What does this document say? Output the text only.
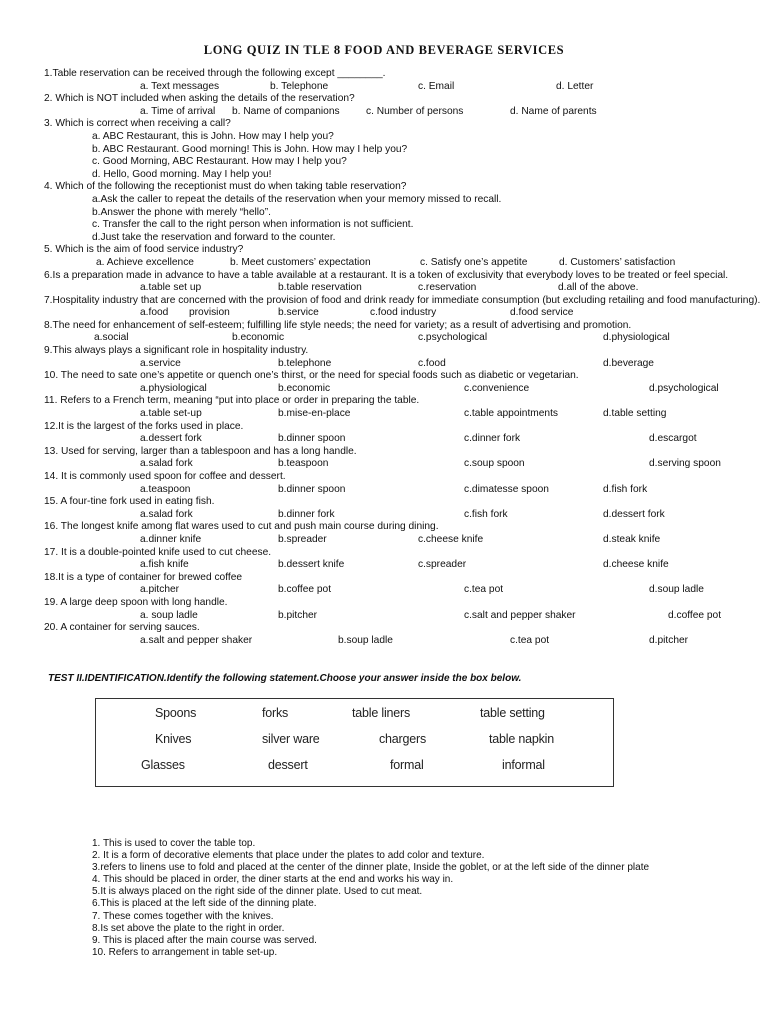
LONG QUIZ IN TLE 8 FOOD AND BEVERAGE SERVICES
1.Table reservation can be received through the following except ________.
a. Text messages	b. Telephone	c. Email	d. Letter
2. Which is NOT included when asking the details of the reservation?
a. Time of arrival b. Name of companions	c. Number of persons	d. Name of parents
3. Which is correct when receiving a call?
a. ABC Restaurant, this is John. How may I help you?
b. ABC Restaurant. Good morning! This is John. How may I help you?
c. Good Morning, ABC Restaurant. How may I help you?
d. Hello, Good morning. May I help you!
4. Which of the following the receptionist must do when taking table reservation?
a.Ask the caller to repeat the details of the reservation when your memory missed to recall.
b.Answer the phone with merely “hello”.
c. Transfer the call to the right person when information is not sufficient.
d.Just take the reservation and forward to the counter.
5. Which is the aim of food service industry?
a. Achieve excellence	b. Meet customers’ expectation	c. Satisfy one’s appetite	d. Customers’ satisfaction
6.Is a preparation made in advance to have a table available at a restaurant. It is a token of exclusivity that everybody loves to be treated or feel special.
a.table set up	b.table reservation	c.reservation	d.all of the above.
7.Hospitality industry that are concerned with the provision of food and drink ready for immediate consumption (but excluding retailing and food manufacturing).
a.food provision	b.service	c.food industry	d.food service
8.The need for enhancement of self-esteem; fulfilling life style needs; the need for variety; as a result of advertising and promotion.
a.social	b.economic	c.psychological	d.physiological
9.This always plays a significant role in hospitality industry.
a.service	b.telephone	c.food	d.beverage
10. The need to sate one’s appetite or quench one’s thirst, or the need for special foods such as diabetic or vegetarian.
a.physiological	b.economic	c.convenience	d.psychological
11. Refers to a French term, meaning “put into place or order in preparing the table.
a.table set-up	b.mise-en-place	c.table appointments	d.table setting
12.It is the largest of the forks used in place.
a.dessert fork	b.dinner spoon	c.dinner fork	d.escargot
13. Used for serving, larger than a tablespoon and has a long handle.
a.salad fork	b.teaspoon	c.soup spoon	d.serving spoon
14. It is commonly used spoon for coffee and dessert.
a.teaspoon	b.dinner spoon	c.dimatesse spoon	d.fish fork
15. A four-tine fork used in eating fish.
a.salad fork	b.dinner fork	c.fish fork	d.dessert fork
16. The longest knife among flat wares used to cut and push main course during dining.
a.dinner knife	b.spreader	c.cheese knife	d.steak knife
17. It is a double-pointed knife used to cut cheese.
a.fish knife	b.dessert knife	c.spreader	d.cheese knife
18.It is a type of container for brewed coffee
a.pitcher	b.coffee pot	c.tea pot	d.soup ladle
19. A large deep spoon with long handle.
a. soup ladle	b.pitcher	c.salt and pepper shaker	d.coffee pot
20. A container for serving sauces.
a.salt and pepper shaker	b.soup ladle	c.tea pot	d.pitcher
TEST II.IDENTIFICATION.Identify the following statement.Choose your answer inside the box below.
Spoons	forks	table liners	table setting
Knives	silver ware	chargers	table napkin
Glasses	dessert	formal	informal
1. This is used to cover the table top.
2. It is a form of decorative elements that place under the plates to add color and texture.
3.refers to linens use to fold and placed at the center of the dinner plate, Inside the goblet, or at the left side of the dinner plate
4. This should be placed in order, the diner starts at the end and works his way in.
5.It is always placed on the right side of the dinner plate. Used to cut meat.
6.This is placed at the left side of the dinning plate.
7. These comes together with the knives.
8.Is set above the plate to the right in order.
9. This is placed after the main course was served.
10. Refers to arrangement in table set-up.
